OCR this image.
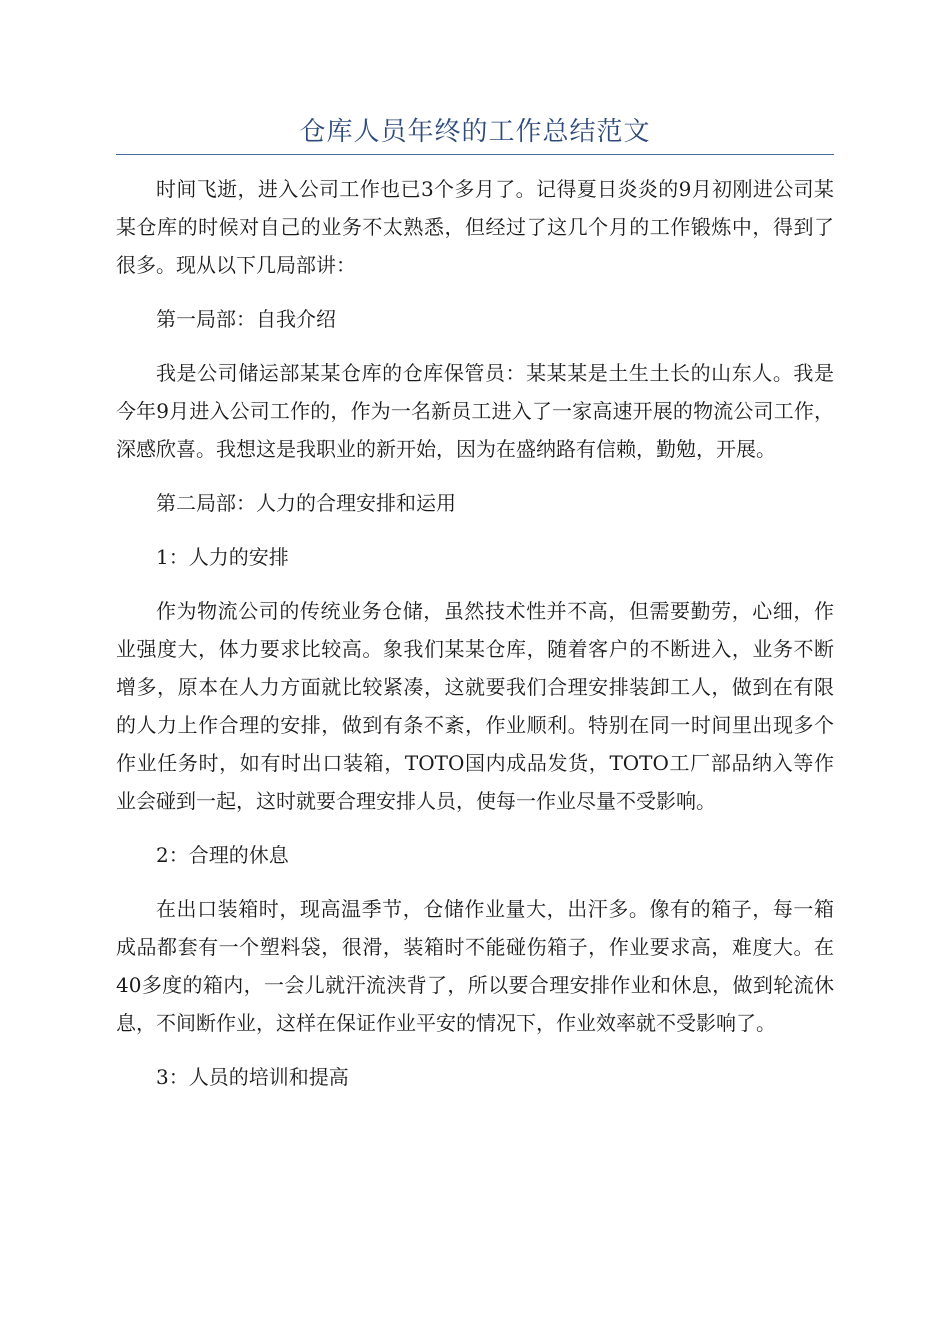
仓库人员年终的工作总结范文

时间飞逝，进入公司工作也已3个多月了。记得夏日炎炎的9月初刚进公司某某仓库的时候对自己的业务不太熟悉，但经过了这几个月的工作锻炼中，得到了很多。现从以下几局部讲：

第一局部：自我介绍

我是公司储运部某某仓库的仓库保管员：某某某是土生土长的山东人。我是今年9月进入公司工作的，作为一名新员工进入了一家高速开展的物流公司工作，深感欣喜。我想这是我职业的新开始，因为在盛纳路有信赖，勤勉，开展。

第二局部：人力的合理安排和运用

1：人力的安排

作为物流公司的传统业务仓储，虽然技术性并不高，但需要勤劳，心细，作业强度大，体力要求比较高。象我们某某仓库，随着客户的不断进入，业务不断增多，原本在人力方面就比较紧凑，这就要我们合理安排装卸工人，做到在有限的人力上作合理的安排，做到有条不紊，作业顺利。特别在同一时间里出现多个作业任务时，如有时出口装箱，TOTO国内成品发货，TOTO工厂部品纳入等作业会碰到一起，这时就要合理安排人员，使每一作业尽量不受影响。

2：合理的休息

在出口装箱时，现高温季节，仓储作业量大，出汗多。像有的箱子，每一箱成品都套有一个塑料袋，很滑，装箱时不能碰伤箱子，作业要求高，难度大。在40多度的箱内，一会儿就汗流浃背了，所以要合理安排作业和休息，做到轮流休息，不间断作业，这样在保证作业平安的情况下，作业效率就不受影响了。

3：人员的培训和提高
